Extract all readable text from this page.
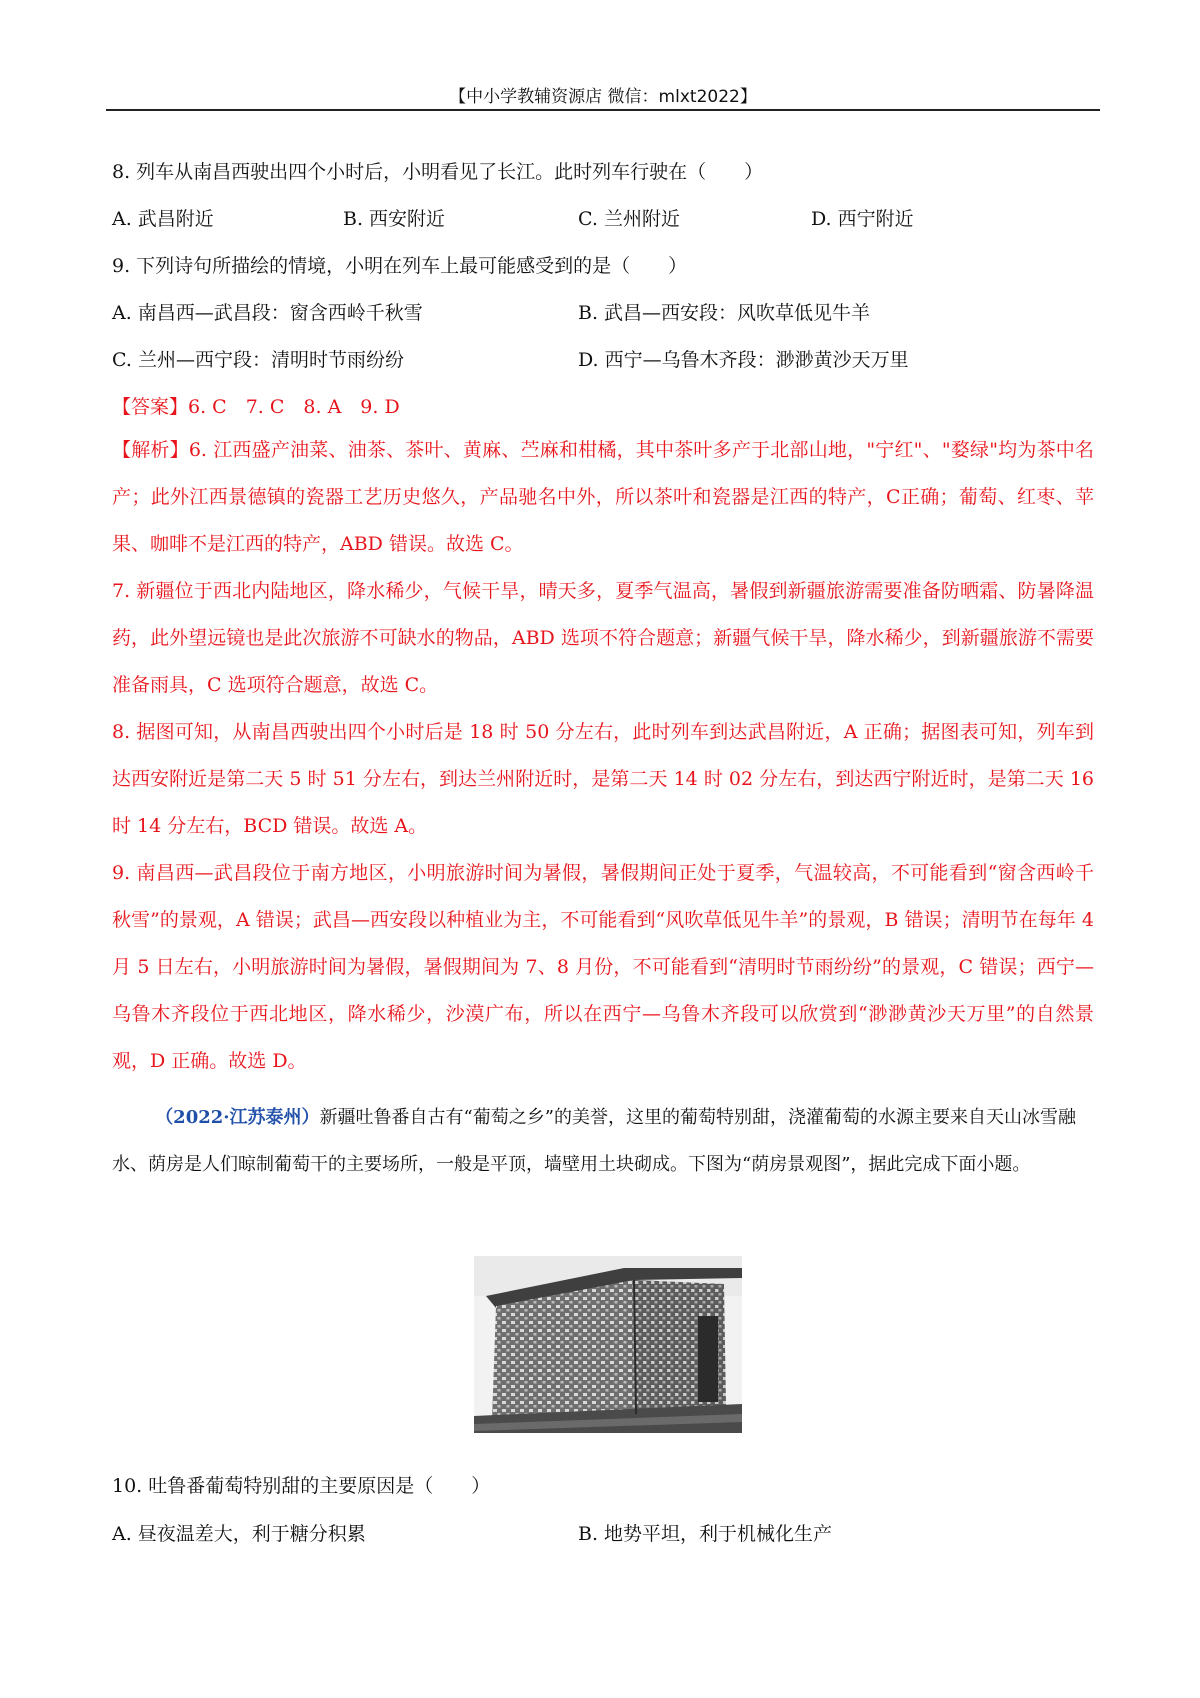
【中小学教辅资源店 微信：mlxt2022】
8. 列车从南昌西驶出四个小时后，小明看见了长江。此时列车行驶在（　　）
A. 武昌附近	B. 西安附近	C. 兰州附近	D. 西宁附近
9. 下列诗句所描绘的情境，小明在列车上最可能感受到的是（　　）
A. 南昌西—武昌段：窗含西岭千秋雪	B. 武昌—西安段：风吹草低见牛羊
C. 兰州—西宁段：清明时节雨纷纷	D. 西宁—乌鲁木齐段：渺渺黄沙天万里
【答案】6. C　7. C　8. A　9. D
【解析】6. 江西盛产油菜、油茶、茶叶、黄麻、苎麻和柑橘，其中茶叶多产于北部山地，"宁红"、"婺绿"均为茶中名产；此外江西景德镇的瓷器工艺历史悠久，产品驰名中外，所以茶叶和瓷器是江西的特产，C正确；葡萄、红枣、苹果、咖啡不是江西的特产，ABD 错误。故选 C。
7. 新疆位于西北内陆地区，降水稀少，气候干旱，晴天多，夏季气温高，暑假到新疆旅游需要准备防晒霜、防暑降温药，此外望远镜也是此次旅游不可缺水的物品，ABD 选项不符合题意；新疆气候干旱，降水稀少，到新疆旅游不需要准备雨具，C 选项符合题意，故选 C。
8. 据图可知，从南昌西驶出四个小时后是 18 时 50 分左右，此时列车到达武昌附近，A 正确；据图表可知，列车到达西安附近是第二天 5 时 51 分左右，到达兰州附近时，是第二天 14 时 02 分左右，到达西宁附近时，是第二天 16 时 14 分左右，BCD 错误。故选 A。
9. 南昌西—武昌段位于南方地区，小明旅游时间为暑假，暑假期间正处于夏季，气温较高，不可能看到“窗含西岭千秋雪”的景观，A 错误；武昌—西安段以种植业为主，不可能看到“风吹草低见牛羊”的景观，B 错误；清明节在每年 4 月 5 日左右，小明旅游时间为暑假，暑假期间为 7、8 月份，不可能看到“清明时节雨纷纷”的景观，C 错误；西宁—乌鲁木齐段位于西北地区，降水稀少，沙漠广布，所以在西宁—乌鲁木齐段可以欣赏到“渺渺黄沙天万里”的自然景观，D 正确。故选 D。
（2022·江苏泰州）新疆吐鲁番自古有“葡萄之乡”的美誉，这里的葡萄特别甜，浇灌葡萄的水源主要来自天山冰雪融水、荫房是人们晾制葡萄干的主要场所，一般是平顶，墙壁用土块砌成。下图为“荫房景观图”，据此完成下面小题。
10. 吐鲁番葡萄特别甜的主要原因是（　　）
A. 昼夜温差大，利于糖分积累	B. 地势平坦，利于机械化生产
